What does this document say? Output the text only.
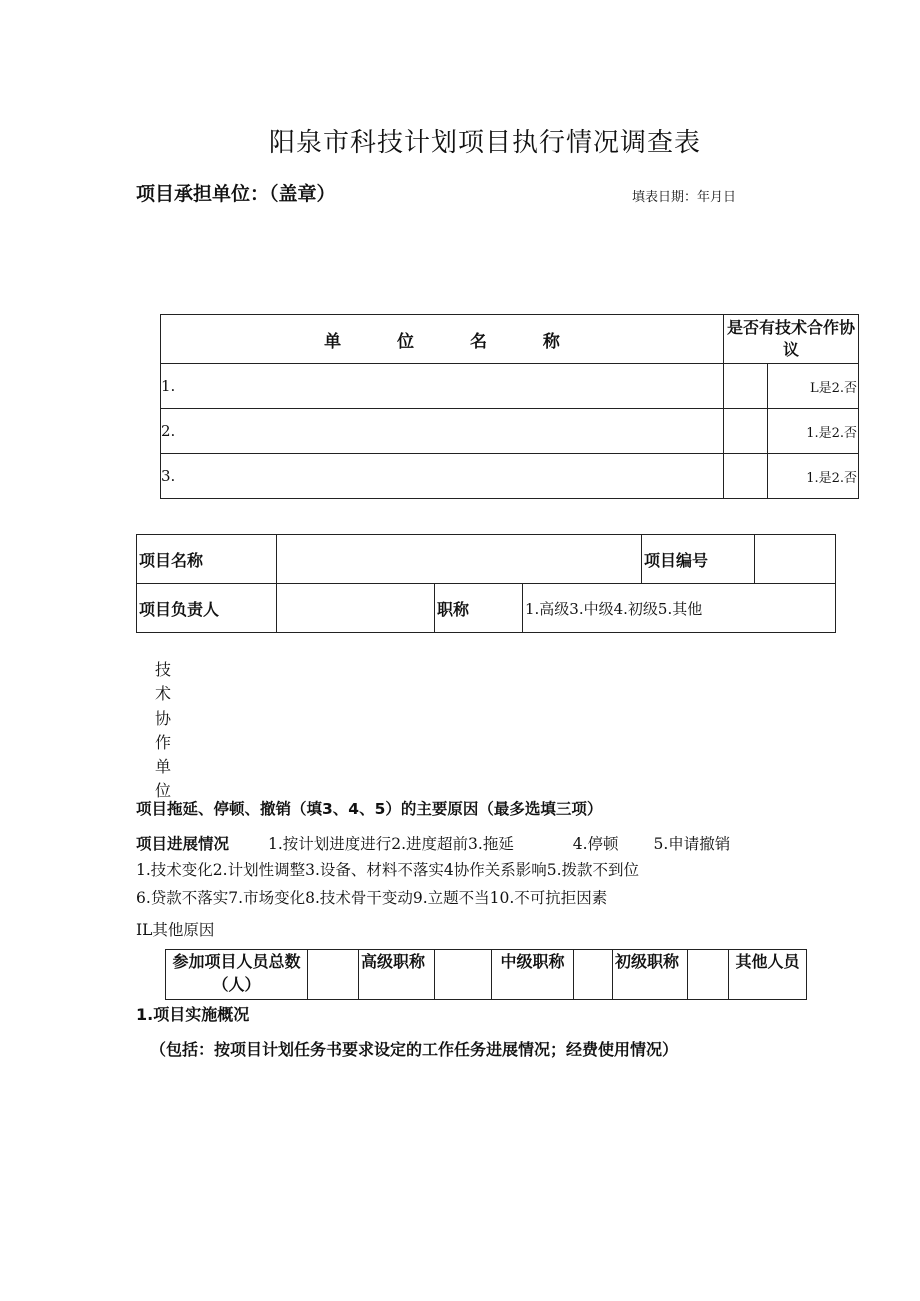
阳泉市科技计划项目执行情况调查表
项目承担单位：（盖章）	填表日期：年月日
单 位 名 称	是否有技术合作协议	
1.		L是2.否
2.		1.是2.否
3.		1.是2.否
项目名称				项目编号	
项目负责人		职称	1.高级3.中级4.初级5.其他		
技
术
协
作
单
位
项目拖延、停顿、撤销（填3、4、5）的主要原因（最多选填三项）
项目进展情况	1.按计划进度进行2.进度超前3.拖延	4.停顿 5.申请撤销
1.技术变化2.计划性调整3.设备、材料不落实4协作关系影响5.拨款不到位
6.贷款不落实7.市场变化8.技术骨干变动9.立题不当10.不可抗拒因素
IL其他原因
参加项目人员总数（人）		高级职称		中级职称		初级职称		其他人员
1.项目实施概况
（包括：按项目计划任务书要求设定的工作任务进展情况；经费使用情况）
